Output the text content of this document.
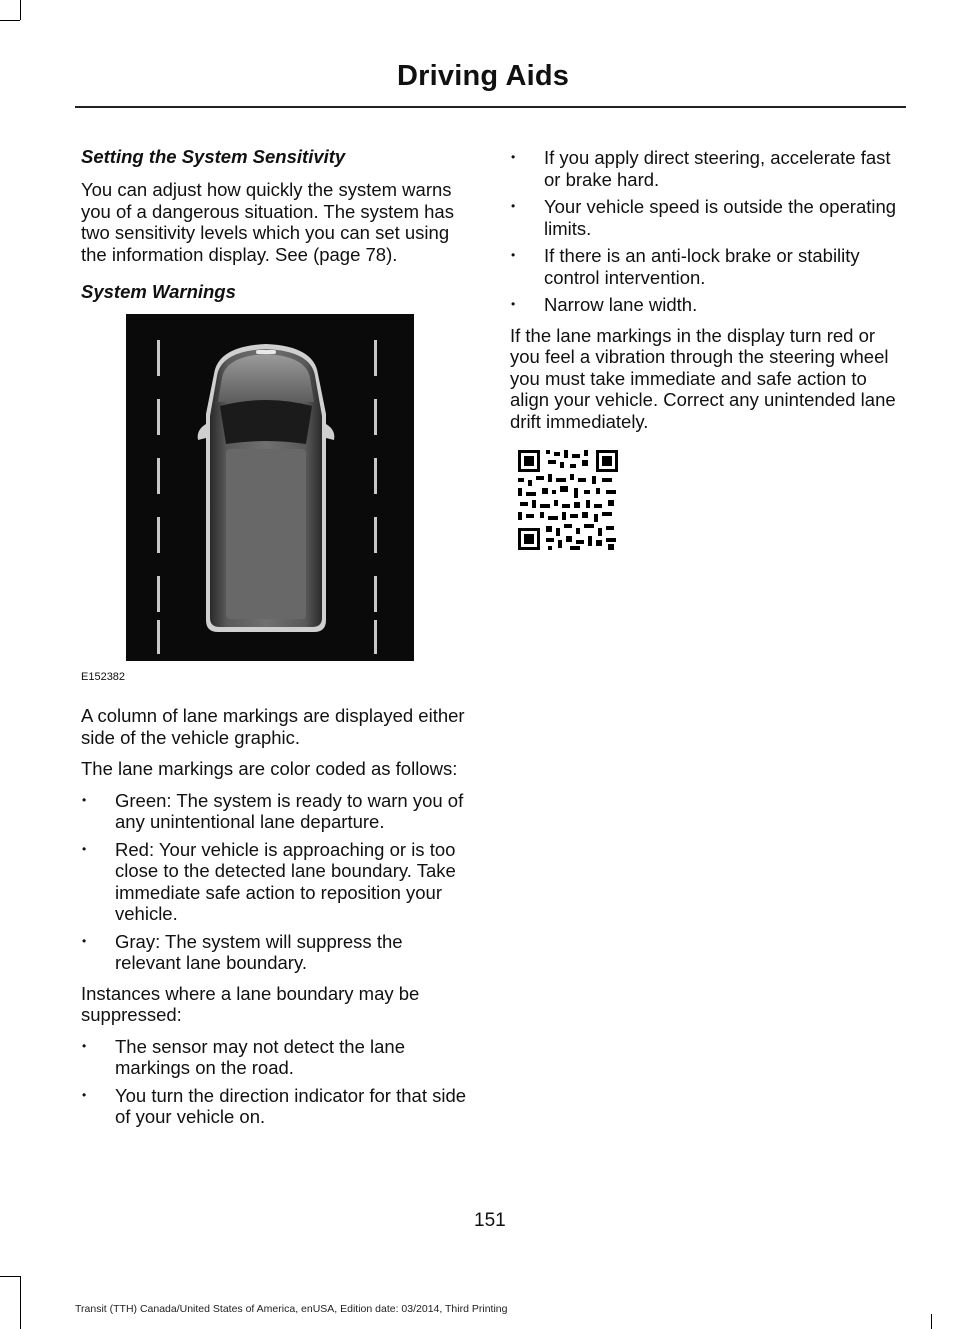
Driving Aids
Setting the System Sensitivity

You can adjust how quickly the system warns you of a dangerous situation. The system has two sensitivity levels which you can set using the information display. See (page 78).

System Warnings
E152382

A column of lane markings are displayed either side of the vehicle graphic.

The lane markings are color coded as follows:

• Green: The system is ready to warn you of any unintentional lane departure.
• Red: Your vehicle is approaching or is too close to the detected lane boundary. Take immediate safe action to reposition your vehicle.
• Gray: The system will suppress the relevant lane boundary.

Instances where a lane boundary may be suppressed:

• The sensor may not detect the lane markings on the road.
• You turn the direction indicator for that side of your vehicle on.
• If you apply direct steering, accelerate fast or brake hard.
• Your vehicle speed is outside the operating limits.
• If there is an anti-lock brake or stability control intervention.
• Narrow lane width.

If the lane markings in the display turn red or you feel a vibration through the steering wheel you must take immediate and safe action to align your vehicle. Correct any unintended lane drift immediately.

151
Transit (TTH) Canada/United States of America, enUSA, Edition date: 03/2014, Third Printing
